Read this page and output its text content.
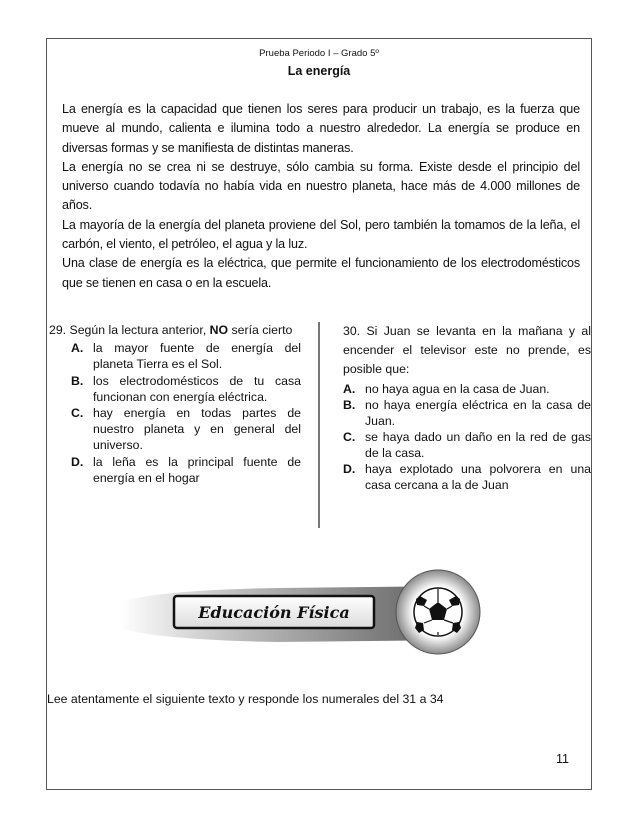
Prueba Periodo I – Grado 5º
La energía

La energía es la capacidad que tienen los seres para producir un trabajo, es la fuerza que mueve al mundo, calienta e ilumina todo a nuestro alrededor. La energía se produce en diversas formas y se manifiesta de distintas maneras.

La energía no se crea ni se destruye, sólo cambia su forma. Existe desde el principio del universo cuando todavía no había vida en nuestro planeta, hace más de 4.000 millones de años.

La mayoría de la energía del planeta proviene del Sol, pero también la tomamos de la leña, el carbón, el viento, el petróleo, el agua y la luz.

Una clase de energía es la eléctrica, que permite el funcionamiento de los electrodomésticos que se tienen en casa o en la escuela.

29. Según la lectura anterior, NO sería cierto

A. la mayor fuente de energía del planeta Tierra es el Sol.
B. los electrodomésticos de tu casa funcionan con energía eléctrica.
C. hay energía en todas partes de nuestro planeta y en general del universo.
D. la leña es la principal fuente de energía en el hogar

30. Si Juan se levanta en la mañana y al encender el televisor este no prende, es posible que:

A. no haya agua en la casa de Juan.
B. no haya energía eléctrica en la casa de Juan.
C. se haya dado un daño en la red de gas de la casa.
D. haya explotado una polvorera en una casa cercana a la de Juan
Educación Física
Lee atentamente el siguiente texto y responde los numerales del 31 a 34
11
